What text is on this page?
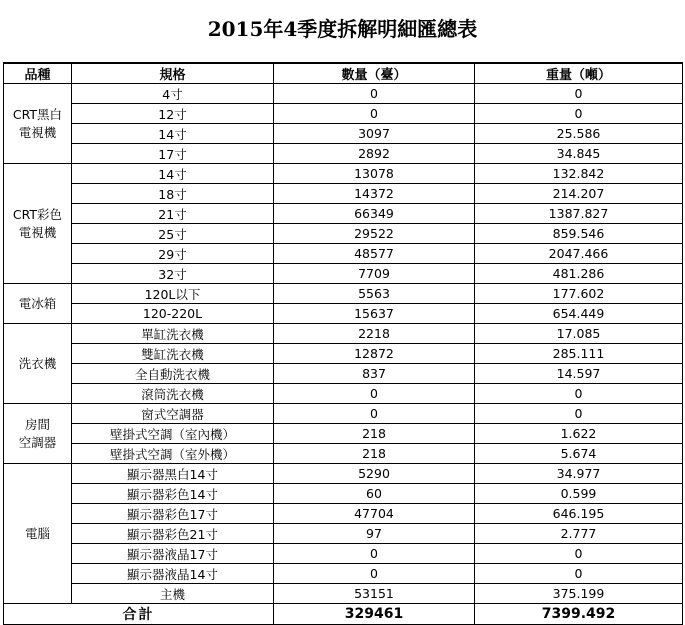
2015年4季度拆解明細匯總表
品種	規格	數量（臺）	重量（噸）
CRT黑白
電視機	4寸	0	0
	12寸	0	0
	14寸	3097	25.586
	17寸	2892	34.845
CRT彩色
電視機	14寸	13078	132.842
	18寸	14372	214.207
	21寸	66349	1387.827
	25寸	29522	859.546
	29寸	48577	2047.466
	32寸	7709	481.286
電冰箱	120L以下	5563	177.602
	120-220L	15637	654.449
洗衣機	單缸洗衣機	2218	17.085
	雙缸洗衣機	12872	285.111
	全自動洗衣機	837	14.597
	滾筒洗衣機	0	0
房間
空調器	窗式空調器	0	0
	壁掛式空調（室內機）	218	1.622
	壁掛式空調（室外機）	218	5.674
電腦	顯示器黑白14寸	5290	34.977
	顯示器彩色14寸	60	0.599
	顯示器彩色17寸	47704	646.195
	顯示器彩色21寸	97	2.777
	顯示器液晶17寸	0	0
	顯示器液晶14寸	0	0
	主機	53151	375.199
合計		329461	7399.492
